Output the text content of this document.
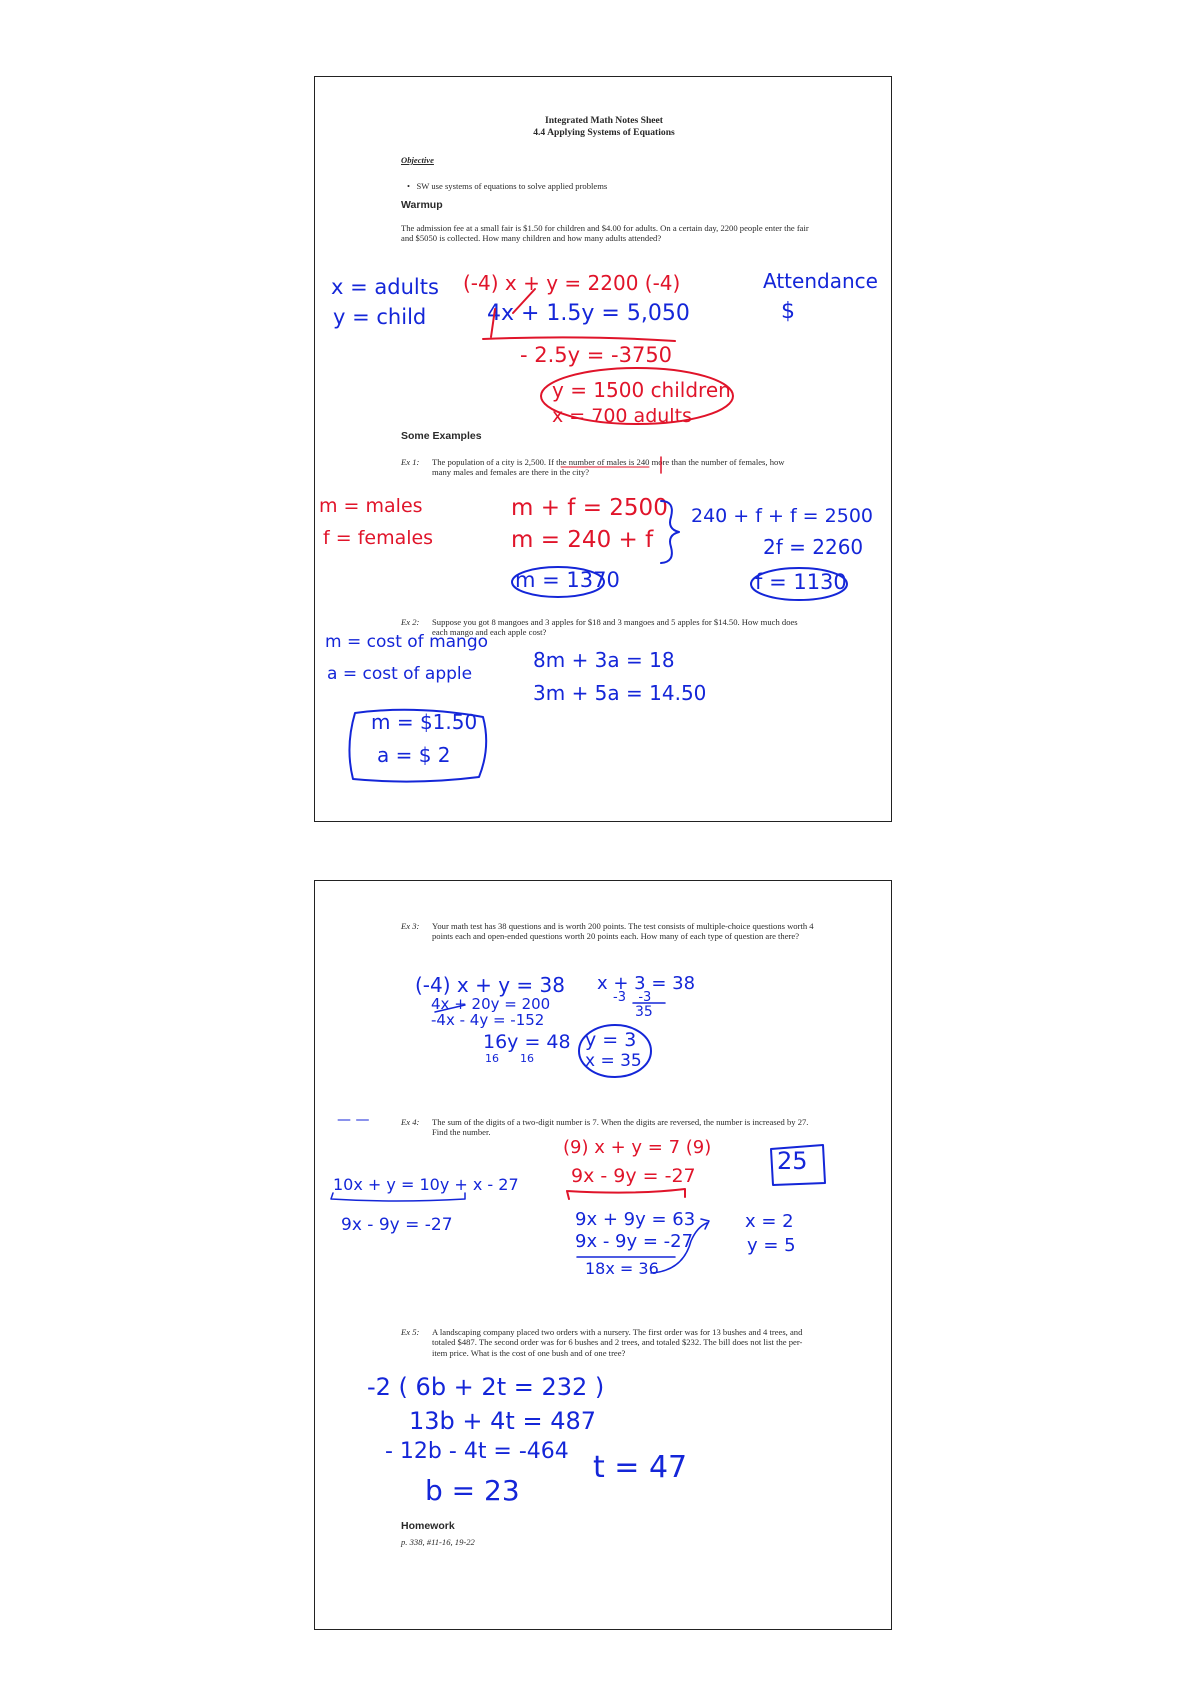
Integrated Math Notes Sheet
4.4 Applying Systems of Equations
Objective
•   SW use systems of equations to solve applied problems
Warmup
The admission fee at a small fair is $1.50 for children and $4.00 for adults. On a certain day, 2200 people enter the fair and $5050 is collected. How many children and how many adults attended?
x = adults
y = child
(-4) x + y = 2200 (-4)
4x + 1.5y = 5,050
- 2.5y = -3750
Attendance
$
y = 1500 children
x = 700 adults
Some Examples
Ex 1: The population of a city is 2,500. If the number of males is 240 more than the number of females, how many males and females are there in the city?
m = males
f = females
m + f = 2500
m = 240 + f
240 + f + f = 2500
2f = 2260
m = 1370	f = 1130
Ex 2: Suppose you got 8 mangoes and 3 apples for $18 and 3 mangoes and 5 apples for $14.50. How much does each mango and each apple cost?
m = cost of mango
a = cost of apple
8m + 3a = 18
3m + 5a = 14.50
m = $1.50
a = $ 2
Ex 3: Your math test has 38 questions and is worth 200 points. The test consists of multiple-choice questions worth 4 points each and open-ended questions worth 20 points each. How many of each type of question are there?
(-4) x + y = 38
4x + 20y = 200
-4x - 4y = -152
16y = 48
16      16
x + 3 = 38
-3   -3
35
y = 3
x = 35
— —	Ex 4: The sum of the digits of a two-digit number is 7. When the digits are reversed, the number is increased by 27. Find the number.
(9) x + y = 7 (9)
9x - 9y = -27
10x + y = 10y + x - 27
9x - 9y = -27
25
9x + 9y = 63
9x - 9y = -27
18x = 36
x = 2
y = 5
Ex 5: A landscaping company placed two orders with a nursery. The first order was for 13 bushes and 4 trees, and totaled $487. The second order was for 6 bushes and 2 trees, and totaled $232. The bill does not list the per-item price. What is the cost of one bush and of one tree?
-2 ( 6b + 2t = 232 )
13b + 4t = 487
- 12b - 4t = -464
b = 23
t = 47
Homework
p. 338, #11-16, 19-22
